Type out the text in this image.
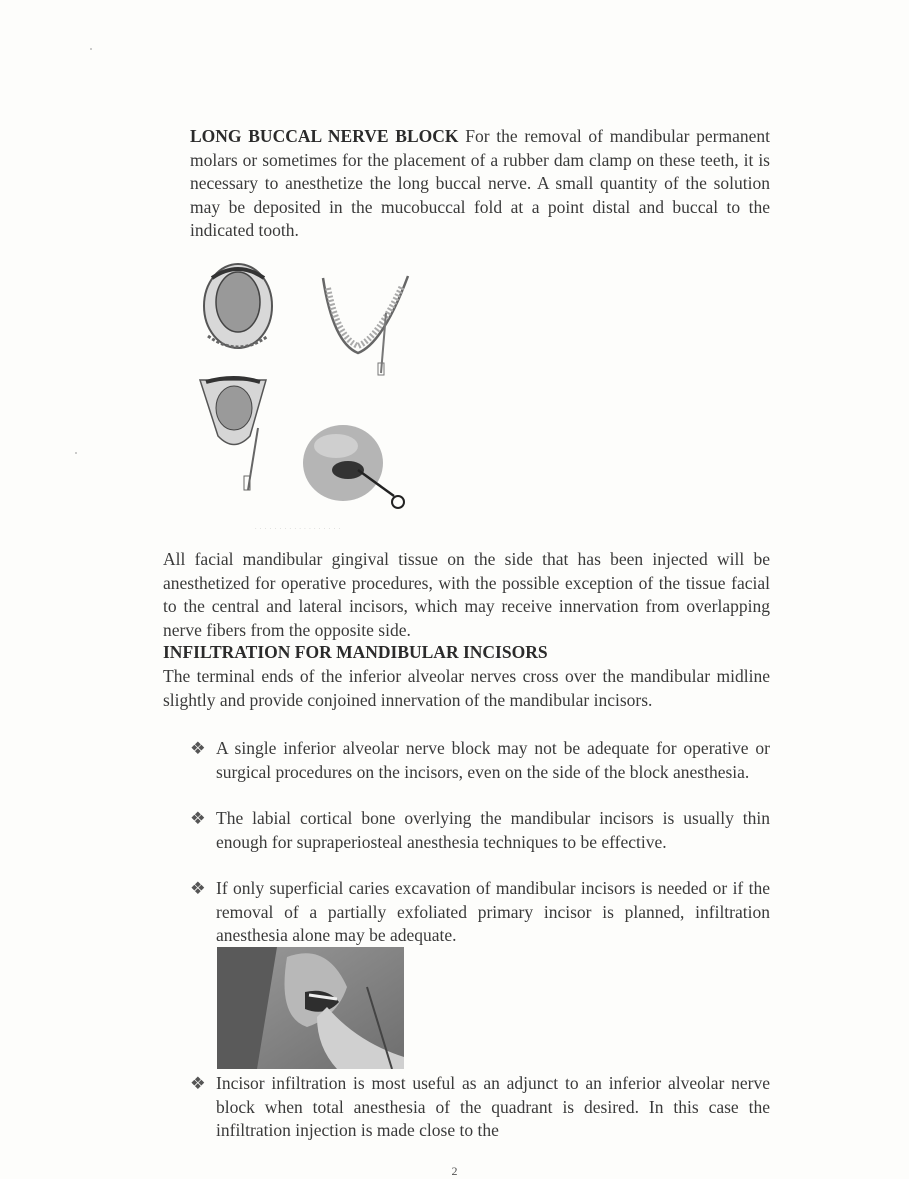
LONG BUCCAL NERVE BLOCK For the removal of mandibular permanent molars or sometimes for the placement of a rubber dam clamp on these teeth, it is necessary to anesthetize the long buccal nerve. A small quantity of the solution may be deposited in the mucobuccal fold at a point distal and buccal to the indicated tooth.
· · · · · · · · · · · · · · · · · ·
All facial mandibular gingival tissue on the side that has been injected will be anesthetized for operative procedures, with the possible exception of the tissue facial to the central and lateral incisors, which may receive innervation from overlapping nerve fibers from the opposite side.
INFILTRATION FOR MANDIBULAR INCISORS
The terminal ends of the inferior alveolar nerves cross over the mandibular midline slightly and provide conjoined innervation of the mandibular incisors.
❖ A single inferior alveolar nerve block may not be adequate for operative or surgical procedures on the incisors, even on the side of the block anesthesia.
❖ The labial cortical bone overlying the mandibular incisors is usually thin enough for supraperiosteal anesthesia techniques to be effective.
❖ If only superficial caries excavation of mandibular incisors is needed or if the removal of a partially exfoliated primary incisor is planned, infiltration anesthesia alone may be adequate.
❖ Incisor infiltration is most useful as an adjunct to an inferior alveolar nerve block when total anesthesia of the quadrant is desired. In this case the infiltration injection is made close to the
2
